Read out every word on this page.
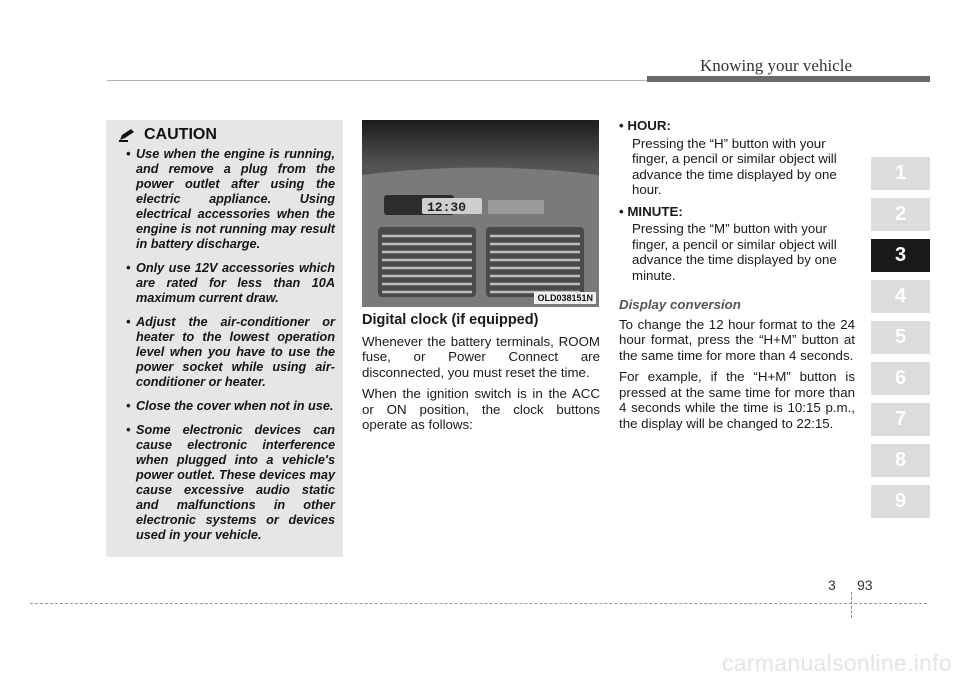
Knowing your vehicle
1
2
3
4
5
6
7
8
9
CAUTION
• Use when the engine is running, and remove a plug from the power outlet after using the electric appliance. Using electrical accessories when the engine is not running may result in battery discharge.
• Only use 12V accessories which are rated for less than 10A maximum current draw.
• Adjust the air-conditioner or heater to the lowest operation level when you have to use the power socket while using air-conditioner or heater.
• Close the cover when not in use.
• Some electronic devices can cause electronic interference when plugged into a vehicle's power outlet. These devices may cause excessive audio static and malfunctions in other electronic systems or devices used in your vehicle.
12:30
OLD038151N

Digital clock (if equipped)

Whenever the battery terminals, ROOM fuse, or Power Connect are disconnected, you must reset the time.

When the ignition switch is in the ACC or ON position, the clock buttons operate as follows:

• HOUR:

Pressing the “H” button with your finger, a pencil or similar object will advance the time displayed by one hour.

• MINUTE:

Pressing the “M” button with your finger, a pencil or similar object will advance the time displayed by one minute.

Display conversion

To change the 12 hour format to the 24 hour format, press the “H+M” button at the same time for more than 4 seconds.

For example, if the “H+M” button is pressed at the same time for more than 4 seconds while the time is 10:15 p.m., the display will be changed to 22:15.

3 93
carmanualsonline.info
